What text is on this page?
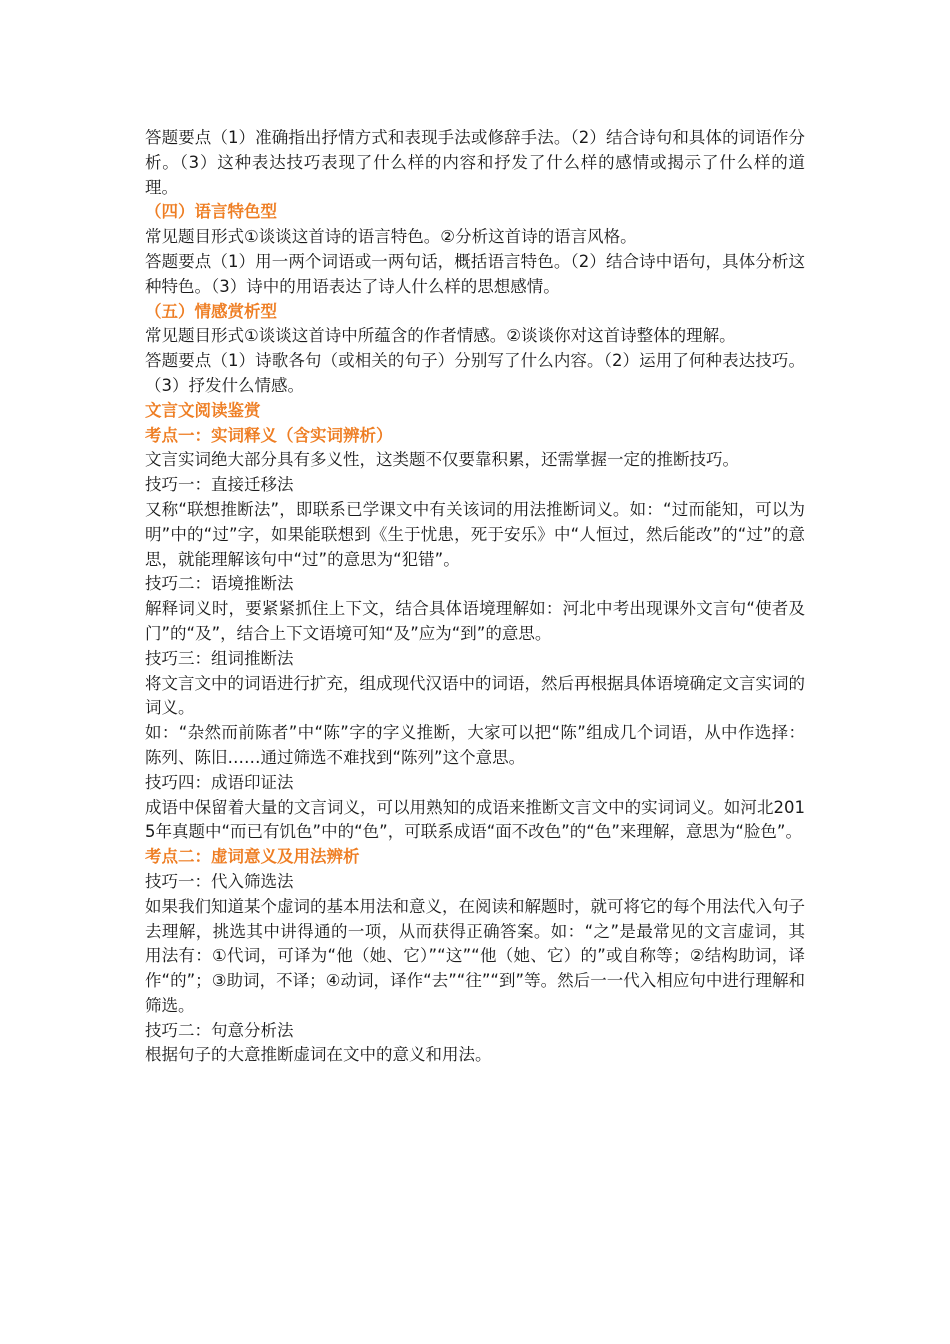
答题要点（1）准确指出抒情方式和表现手法或修辞手法。（2）结合诗句和具体的词语作分析。（3）这种表达技巧表现了什么样的内容和抒发了什么样的感情或揭示了什么样的道理。

（四）语言特色型

常见题目形式①谈谈这首诗的语言特色。②分析这首诗的语言风格。

答题要点（1）用一两个词语或一两句话，概括语言特色。（2）结合诗中语句，具体分析这种特色。（3）诗中的用语表达了诗人什么样的思想感情。

（五）情感赏析型

常见题目形式①谈谈这首诗中所蕴含的作者情感。②谈谈你对这首诗整体的理解。

答题要点（1）诗歌各句（或相关的句子）分别写了什么内容。（2）运用了何种表达技巧。（3）抒发什么情感。

文言文阅读鉴赏

考点一：实词释义（含实词辨析）

文言实词绝大部分具有多义性，这类题不仅要靠积累，还需掌握一定的推断技巧。

技巧一：直接迁移法

又称“联想推断法”，即联系已学课文中有关该词的用法推断词义。如：“过而能知，可以为明”中的“过”字，如果能联想到《生于忧患，死于安乐》中“人恒过，然后能改”的“过”的意思，就能理解该句中“过”的意思为“犯错”。

技巧二：语境推断法

解释词义时，要紧紧抓住上下文，结合具体语境理解如：河北中考出现课外文言句“使者及门”的“及”，结合上下文语境可知“及”应为“到”的意思。

技巧三：组词推断法

将文言文中的词语进行扩充，组成现代汉语中的词语，然后再根据具体语境确定文言实词的词义。

如：“杂然而前陈者”中“陈”字的字义推断，大家可以把“陈”组成几个词语，从中作选择：陈列、陈旧……通过筛选不难找到“陈列”这个意思。

技巧四：成语印证法

成语中保留着大量的文言词义，可以用熟知的成语来推断文言文中的实词词义。如河北2015年真题中“而已有饥色”中的“色”，可联系成语“面不改色”的“色”来理解，意思为“脸色”。

考点二：虚词意义及用法辨析

技巧一：代入筛选法

如果我们知道某个虚词的基本用法和意义，在阅读和解题时，就可将它的每个用法代入句子去理解，挑选其中讲得通的一项，从而获得正确答案。如：“之”是最常见的文言虚词，其用法有：①代词，可译为“他（她、它）”“这”“他（她、它）的”或自称等；②结构助词，译作“的”；③助词，不译；④动词，译作“去”“往”“到”等。然后一一代入相应句中进行理解和筛选。

技巧二：句意分析法

根据句子的大意推断虚词在文中的意义和用法。
